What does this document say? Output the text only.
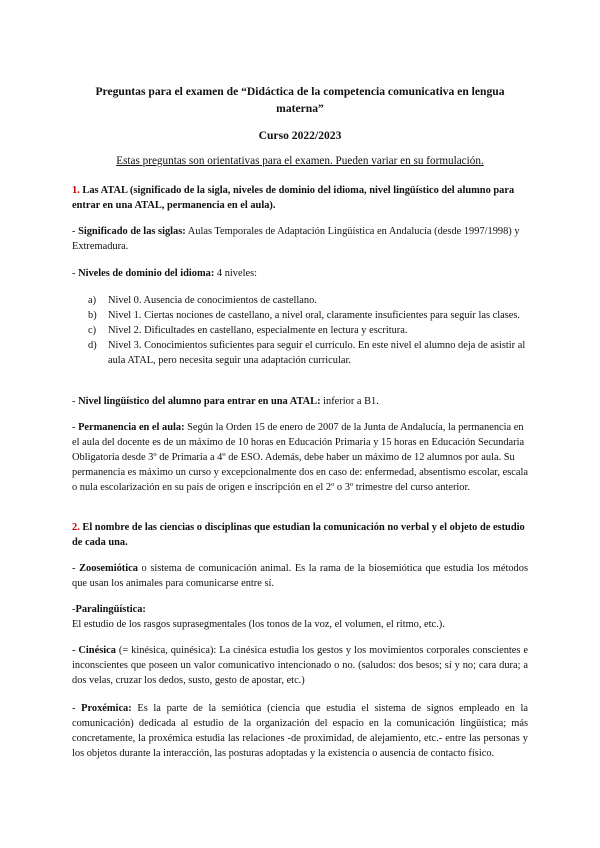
Preguntas para el examen de “Didáctica de la competencia comunicativa en lengua materna”
Curso 2022/2023
Estas preguntas son orientativas para el examen. Pueden variar en su formulación.
1. Las ATAL (significado de la sigla, niveles de dominio del idioma, nivel lingüístico del alumno para entrar en una ATAL, permanencia en el aula).
- Significado de las siglas: Aulas Temporales de Adaptación Lingüística en Andalucía (desde 1997/1998) y Extremadura.
- Niveles de dominio del idioma: 4 niveles:
a) Nivel 0. Ausencia de conocimientos de castellano.
b) Nivel 1. Ciertas nociones de castellano, a nivel oral, claramente insuficientes para seguir las clases.
c) Nivel 2. Dificultades en castellano, especialmente en lectura y escritura.
d) Nivel 3. Conocimientos suficientes para seguir el currículo. En este nivel el alumno deja de asistir al aula ATAL, pero necesita seguir una adaptación curricular.
- Nivel lingüístico del alumno para entrar en una ATAL: inferior a B1.
- Permanencia en el aula: Según la Orden 15 de enero de 2007 de la Junta de Andalucía, la permanencia en el aula del docente es de un máximo de 10 horas en Educación Primaria y 15 horas en Educación Secundaria Obligatoria desde 3º de Primaria a 4º de ESO. Además, debe haber un máximo de 12 alumnos por aula. Su permanencia es máximo un curso y excepcionalmente dos en caso de: enfermedad, absentismo escolar, escala o nula escolarización en su país de origen e inscripción en el 2º o 3º trimestre del curso anterior.
2. El nombre de las ciencias o disciplinas que estudian la comunicación no verbal y el objeto de estudio de cada una.
- Zoosemiótica o sistema de comunicación animal. Es la rama de la biosemiótica que estudia los métodos que usan los animales para comunicarse entre sí.
-Paralingüística:
El estudio de los rasgos suprasegmentales (los tonos de la voz, el volumen, el ritmo, etc.).
- Cinésica (= kinésica, quinésica): La cinésica estudia los gestos y los movimientos corporales conscientes e inconscientes que poseen un valor comunicativo intencionado o no. (saludos: dos besos; sí y no; cara dura; a dos velas, cruzar los dedos, susto, gesto de apostar, etc.)
- Proxémica: Es la parte de la semiótica (ciencia que estudia el sistema de signos empleado en la comunicación) dedicada al estudio de la organización del espacio en la comunicación lingüística; más concretamente, la proxémica estudia las relaciones -de proximidad, de alejamiento, etc.- entre las personas y los objetos durante la interacción, las posturas adoptadas y la existencia o ausencia de contacto físico.
